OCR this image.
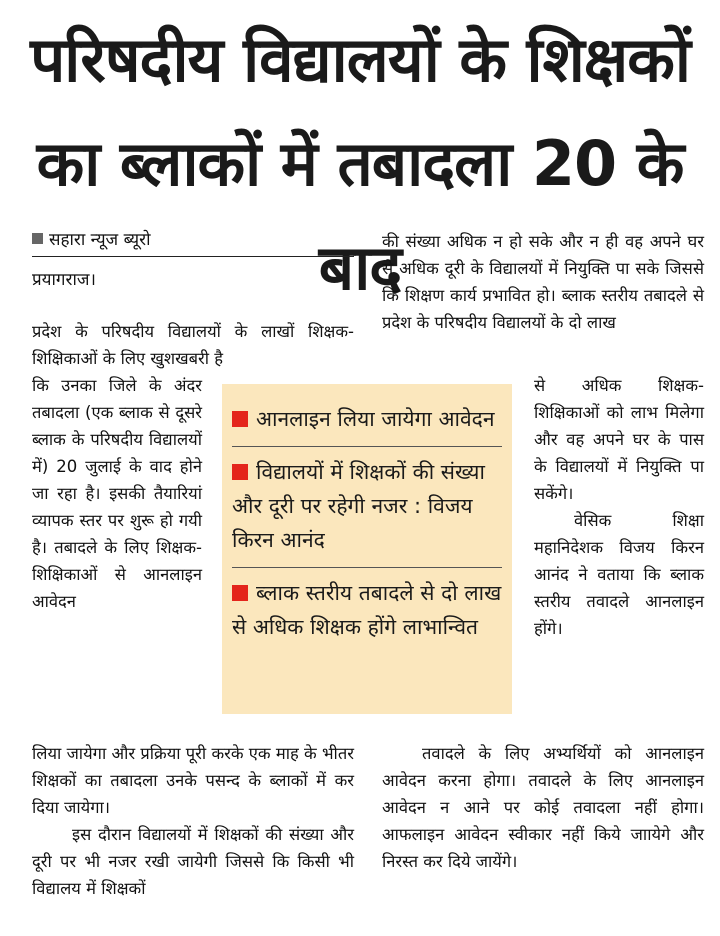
परिषदीय विद्यालयों के शिक्षकों
का ब्लाकों में तबादला 20 के बाद
सहारा न्यूज ब्यूरो
प्रयागराज।
प्रदेश के परिषदीय विद्यालयों के लाखों शिक्षक-शिक्षिकाओं के लिए खुशखबरी है
कि उनका जिले के अंदर तबादला (एक ब्लाक से दूसरे ब्लाक के परिषदीय विद्यालयों में) 20 जुलाई के वाद होने जा रहा है। इसकी तैयारियां व्यापक स्तर पर शुरू हो गयी है। तबादले के लिए शिक्षक-शिक्षिकाओं से आनलाइन आवेदन
लिया जायेगा और प्रक्रिया पूरी करके एक माह के भीतर शिक्षकों का तबादला उनके पसन्द के ब्लाकों में कर दिया जायेगा।
इस दौरान विद्यालयों में शिक्षकों की संख्या और दूरी पर भी नजर रखी जायेगी जिससे कि किसी भी विद्यालय में शिक्षकों
की संख्या अधिक न हो सके और न ही वह अपने घर से अधिक दूरी के विद्यालयों में नियुक्ति पा सके जिससे कि शिक्षण कार्य प्रभावित हो। ब्लाक स्तरीय तबादले से प्रदेश के परिषदीय विद्यालयों के दो लाख
से अधिक शिक्षक-शिक्षिकाओं को लाभ मिलेगा और वह अपने घर के पास के विद्यालयों में नियुक्ति पा सकेंगे।
वेसिक शिक्षा महानिदेशक विजय किरन आनंद ने वताया कि ब्लाक स्तरीय तवादले आनलाइन होंगे।
तवादले के लिए अभ्यर्थियों को आनलाइन आवेदन करना होगा। तवादले के लिए आनलाइन आवेदन न आने पर कोई तवादला नहीं होगा। आफलाइन आवेदन स्वीकार नहीं किये जाायेगे और निरस्त कर दिये जायेंगे।
आनलाइन लिया जायेगा आवेदन
विद्यालयों में शिक्षकों की संख्या और दूरी पर रहेगी नजर : विजय किरन आनंद
ब्लाक स्तरीय तबादले से दो लाख से अधिक शिक्षक होंगे लाभान्वित
